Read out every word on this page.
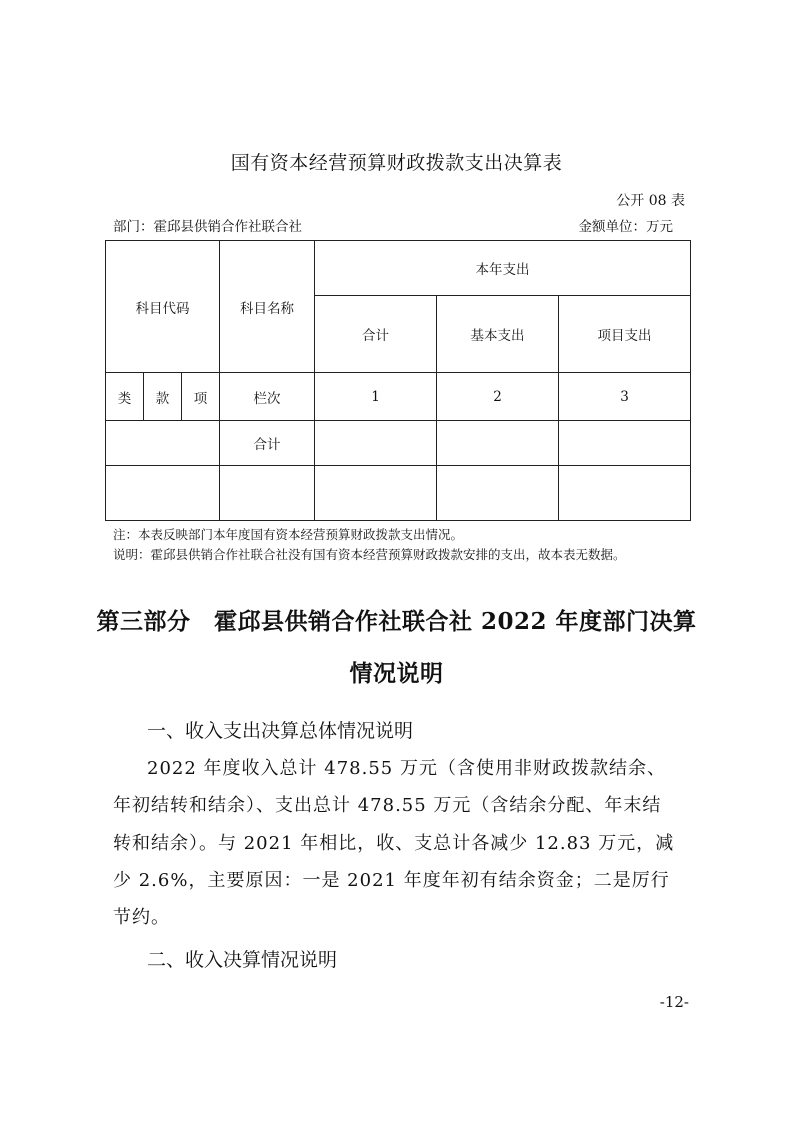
国有资本经营预算财政拨款支出决算表
公开 08 表
部门：霍邱县供销合作社联合社	金额单位：万元
科目代码			科目名称	本年支出		
				合计	基本支出	项目支出
类	款	项	栏次	1	2	3
			合计			

注：本表反映部门本年度国有资本经营预算财政拨款支出情况。
说明：霍邱县供销合作社联合社没有国有资本经营预算财政拨款安排的支出，故本表无数据。
第三部分　霍邱县供销合作社联合社 2022 年度部门决算
情况说明
一、收入支出决算总体情况说明
2022 年度收入总计 478.55 万元（含使用非财政拨款结余、
年初结转和结余）、支出总计 478.55 万元（含结余分配、年末结
转和结余）。与 2021 年相比，收、支总计各减少 12.83 万元，减
少 2.6%，主要原因：一是 2021 年度年初有结余资金；二是厉行
节约。
二、收入决算情况说明
-12-
